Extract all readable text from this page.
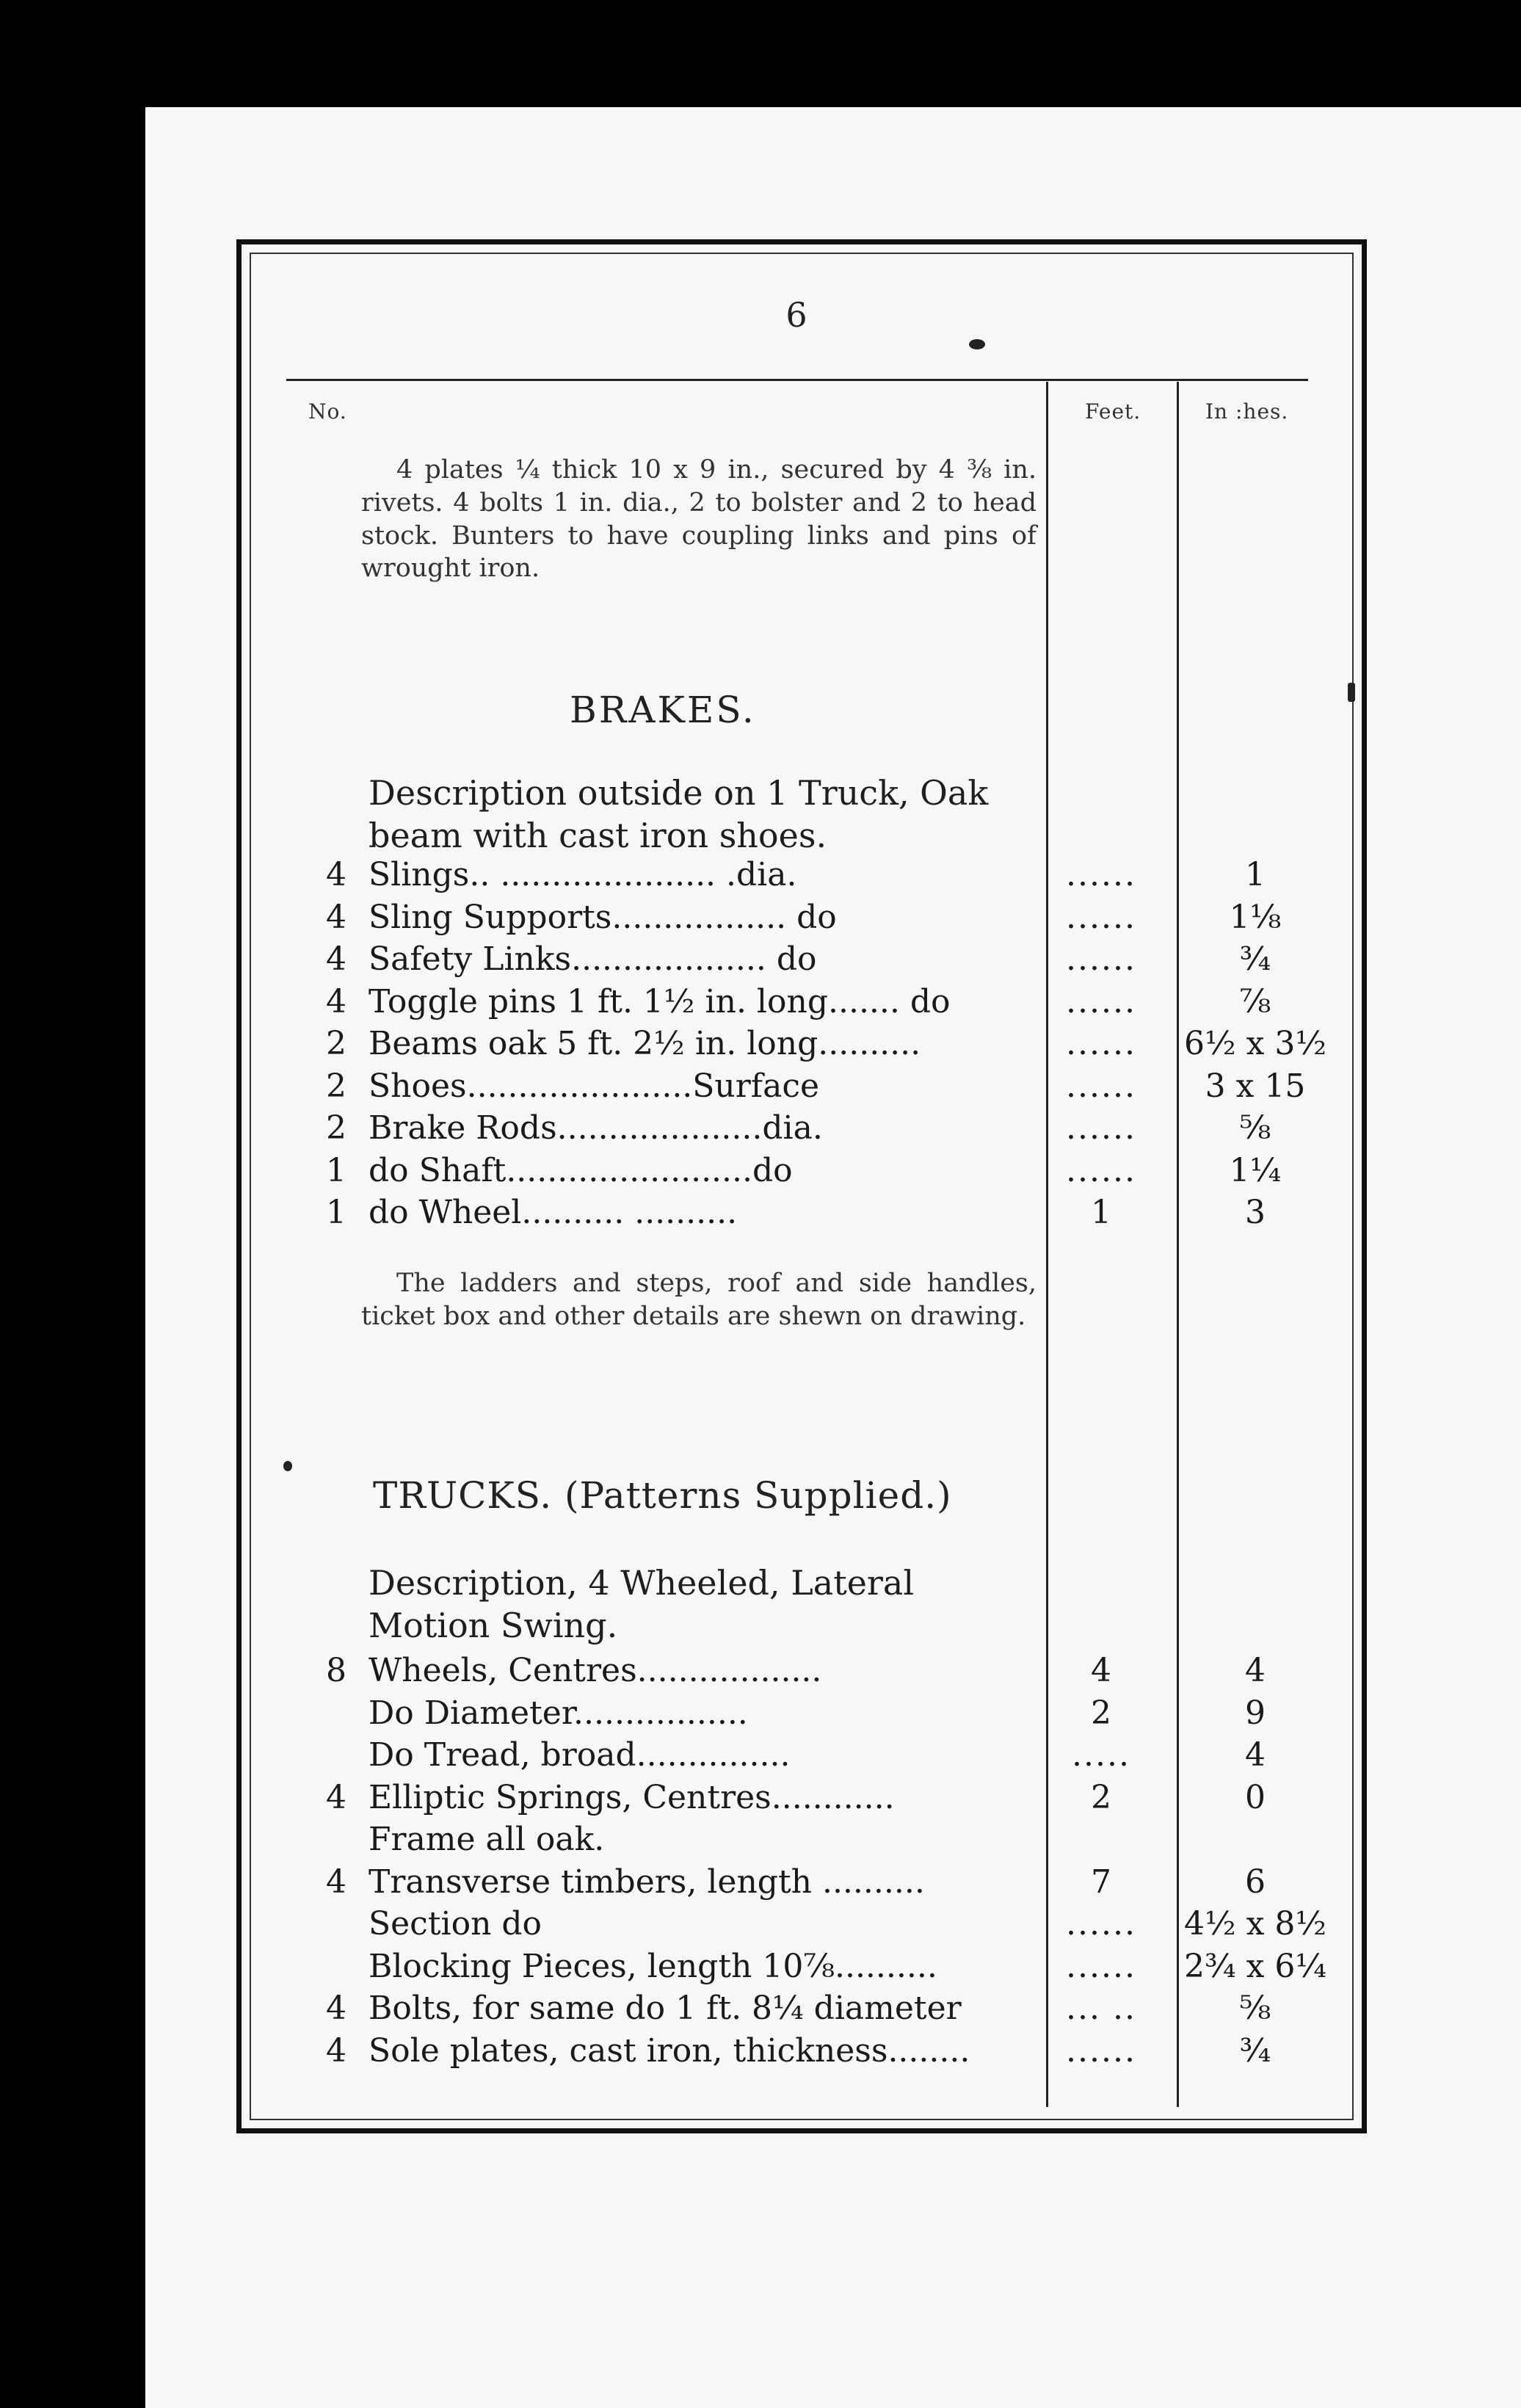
6
No.	Feet.	In :hes.
4 plates ¼ thick 10 x 9 in., secured by 4 ⅜ in. rivets. 4 bolts 1 in. dia., 2 to bolster and 2 to head stock. Bunters to have coupling links and pins of wrought iron.
BRAKES.
Description outside on 1 Truck, Oak beam with cast iron shoes.
4 Slings.. ..................... .dia.	......	1
4 Sling Supports................. do	......	1⅛
4 Safety Links................... do	......	¾
4 Toggle pins 1 ft. 1½ in. long....... do	......	⅞
2 Beams oak 5 ft. 2½ in. long..........	......	6½ x 3½
2 Shoes......................Surface	......	3 x 15
2 Brake Rods....................dia.	......	⅝
1 do Shaft........................do	......	1¼
1 do Wheel.......... ..........	1	3
The ladders and steps, roof and side handles, ticket box and other details are shewn on drawing.
TRUCKS. (Patterns Supplied.)
Description, 4 Wheeled, Lateral Motion Swing.
8 Wheels, Centres..................	4	4
Do Diameter.................	2	9
Do Tread, broad...............	.....	4
4 Elliptic Springs, Centres............	2	0
Frame all oak.
4 Transverse timbers, length ..........	7	6
Section do	......	4½ x 8½
Blocking Pieces, length 10⅞..........	......	2¾ x 6¼
4 Bolts, for same do 1 ft. 8¼ diameter	... ..	⅝
4 Sole plates, cast iron, thickness........	......	¾
